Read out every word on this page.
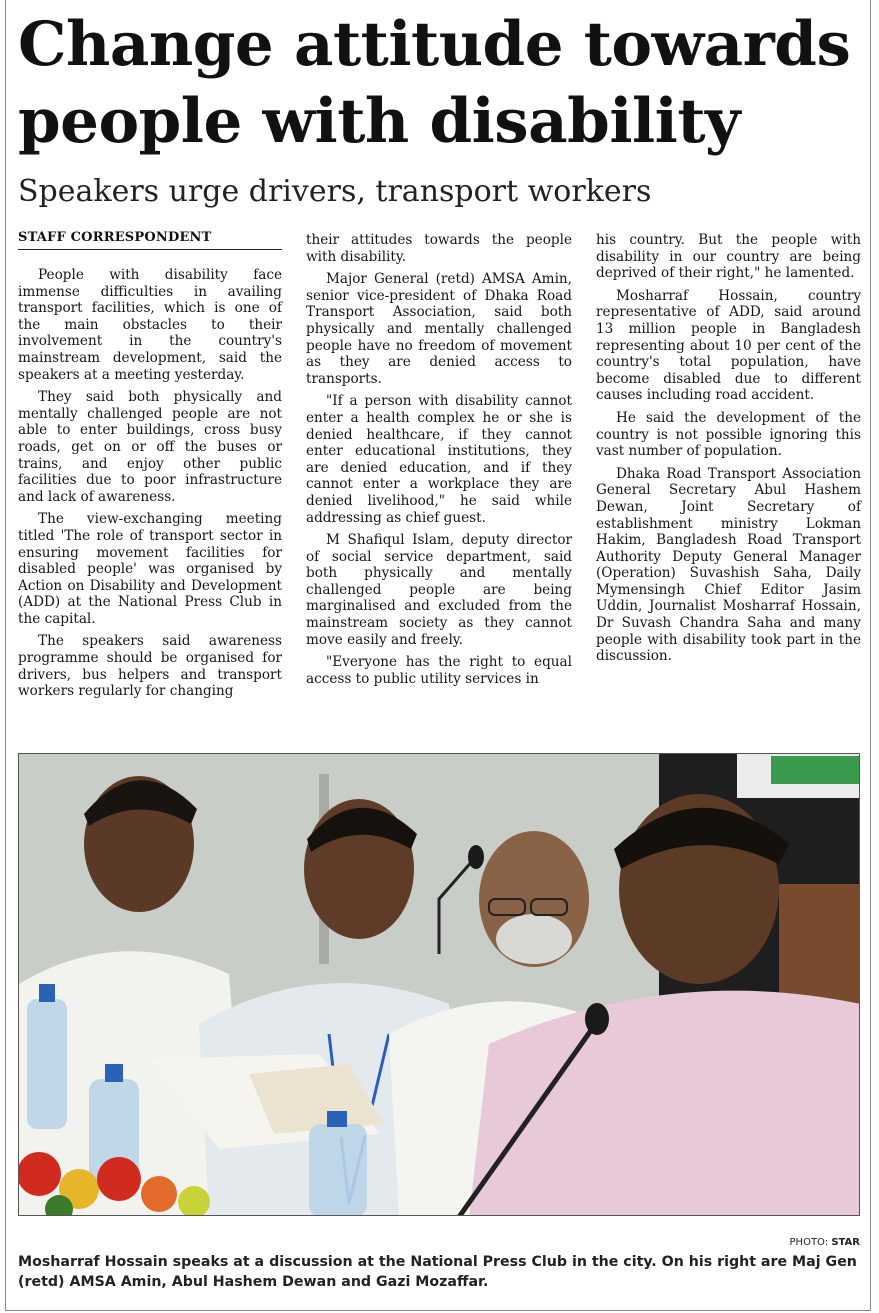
Change attitude towards people with disability
Speakers urge drivers, transport workers
STAFF CORRESPONDENT

People with disability face immense difficulties in availing transport facilities, which is one of the main obstacles to their involvement in the country's mainstream development, said the speakers at a meeting yesterday.

They said both physically and mentally challenged people are not able to enter buildings, cross busy roads, get on or off the buses or trains, and enjoy other public facilities due to poor infrastructure and lack of awareness.

The view-exchanging meeting titled 'The role of transport sector in ensuring movement facilities for disabled people' was organised by Action on Disability and Development (ADD) at the National Press Club in the capital.

The speakers said awareness programme should be organised for drivers, bus helpers and transport workers regularly for changing

their attitudes towards the people with disability.

Major General (retd) AMSA Amin, senior vice-president of Dhaka Road Transport Association, said both physically and mentally challenged people have no freedom of movement as they are denied access to transports.

"If a person with disability cannot enter a health complex he or she is denied healthcare, if they cannot enter educational institutions, they are denied education, and if they cannot enter a workplace they are denied livelihood," he said while addressing as chief guest.

M Shafiqul Islam, deputy director of social service department, said both physically and mentally challenged people are being marginalised and excluded from the mainstream society as they cannot move easily and freely.

"Everyone has the right to equal access to public utility services in

his country. But the people with disability in our country are being deprived of their right," he lamented.

Mosharraf Hossain, country representative of ADD, said around 13 million people in Bangladesh representing about 10 per cent of the country's total population, have become disabled due to different causes including road accident.

He said the development of the country is not possible ignoring this vast number of population.

Dhaka Road Transport Association General Secretary Abul Hashem Dewan, Joint Secretary of establishment ministry Lokman Hakim, Bangladesh Road Transport Authority Deputy General Manager (Operation) Suvashish Saha, Daily Mymensingh Chief Editor Jasim Uddin, Journalist Mosharraf Hossain, Dr Suvash Chandra Saha and many people with disability took part in the discussion.

PHOTO: STAR

Mosharraf Hossain speaks at a discussion at the National Press Club in the city. On his right are Maj Gen (retd) AMSA Amin, Abul Hashem Dewan and Gazi Mozaffar.
